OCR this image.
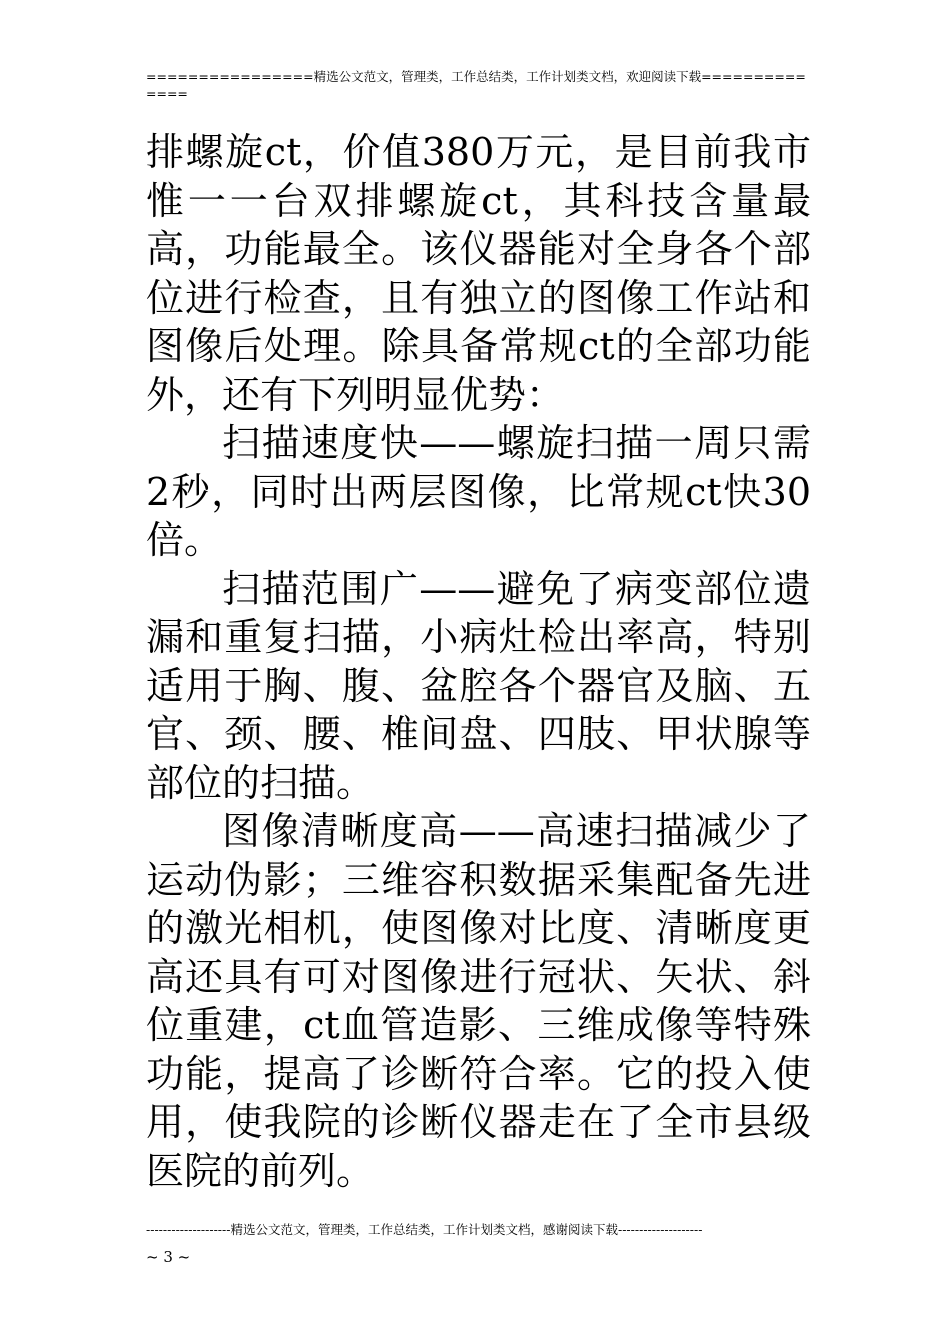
================精选公文范文，管理类，工作总结类，工作计划类文档，欢迎阅读下载==============

排螺旋ct，价值380万元，是目前我市惟一一台双排螺旋ct，其科技含量最高，功能最全。该仪器能对全身各个部位进行检查，且有独立的图像工作站和图像后处理。除具备常规ct的全部功能外，还有下列明显优势：

扫描速度快——螺旋扫描一周只需2秒，同时出两层图像，比常规ct快30倍。

扫描范围广——避免了病变部位遗漏和重复扫描，小病灶检出率高，特别适用于胸、腹、盆腔各个器官及脑、五官、颈、腰、椎间盘、四肢、甲状腺等部位的扫描。

图像清晰度高——高速扫描减少了运动伪影；三维容积数据采集配备先进的激光相机，使图像对比度、清晰度更高还具有可对图像进行冠状、矢状、斜位重建，ct血管造影、三维成像等特殊功能，提高了诊断符合率。它的投入使用，使我院的诊断仪器走在了全市县级医院的前列。

--------------------精选公文范文，管理类，工作总结类，工作计划类文档，感谢阅读下载--------------------
~ 3 ~
